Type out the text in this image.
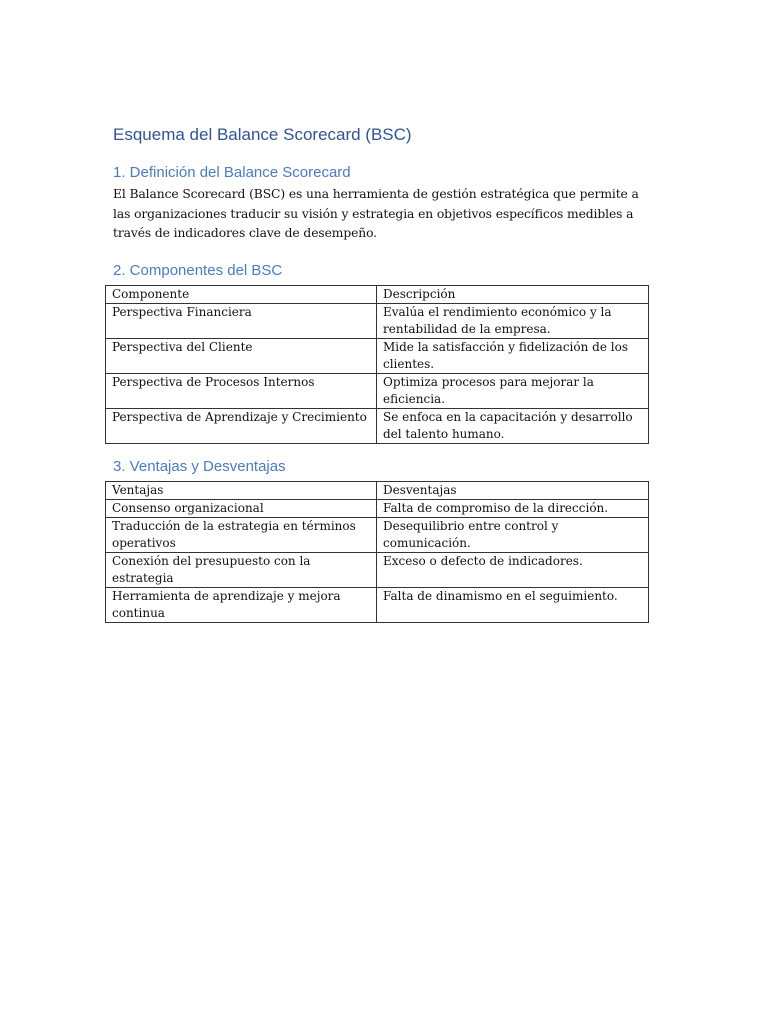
Esquema del Balance Scorecard (BSC)
1. Definición del Balance Scorecard

El Balance Scorecard (BSC) es una herramienta de gestión estratégica que permite a las organizaciones traducir su visión y estrategia en objetivos específicos medibles a través de indicadores clave de desempeño.

2. Componentes del BSC
Componente	Descripción
Perspectiva Financiera	Evalúa el rendimiento económico y la rentabilidad de la empresa.
Perspectiva del Cliente	Mide la satisfacción y fidelización de los clientes.
Perspectiva de Procesos Internos	Optimiza procesos para mejorar la eficiencia.
Perspectiva de Aprendizaje y Crecimiento	Se enfoca en la capacitación y desarrollo del talento humano.
3. Ventajas y Desventajas
Ventajas	Desventajas
Consenso organizacional	Falta de compromiso de la dirección.
Traducción de la estrategia en términos operativos	Desequilibrio entre control y comunicación.
Conexión del presupuesto con la estrategia	Exceso o defecto de indicadores.
Herramienta de aprendizaje y mejora continua	Falta de dinamismo en el seguimiento.
